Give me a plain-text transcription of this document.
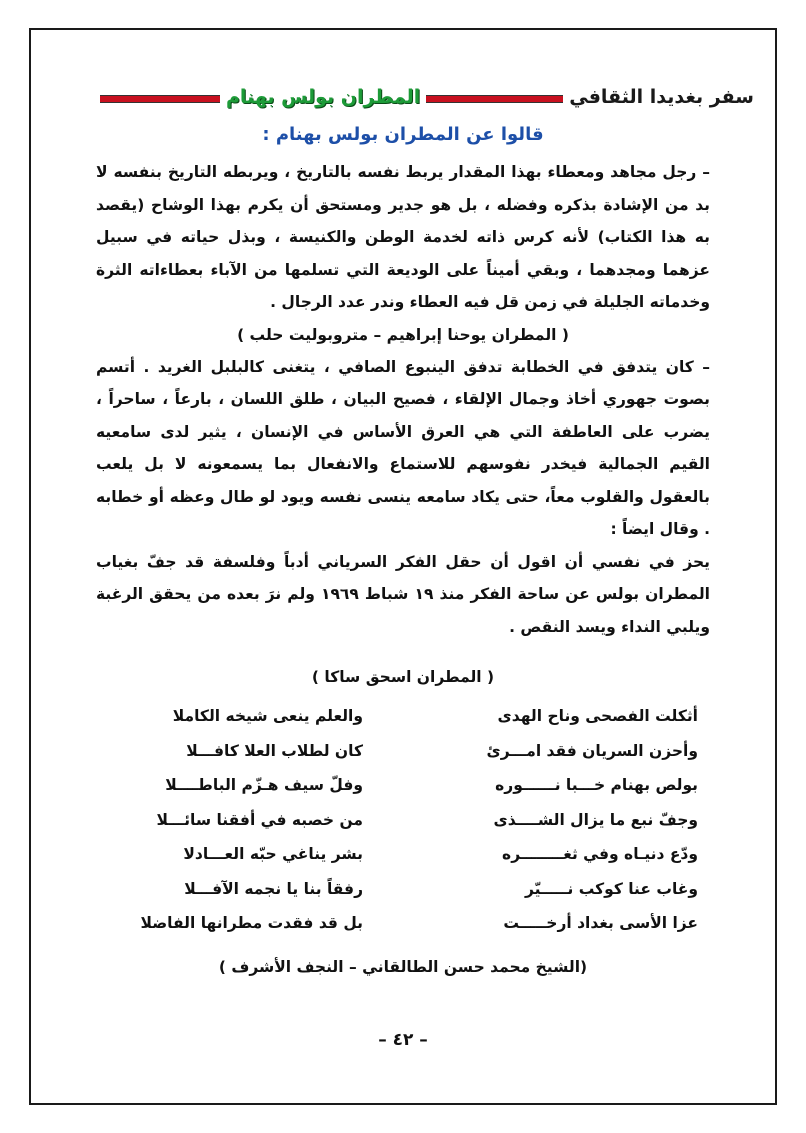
سفر بغديدا الثقافي
المطران بولس بهنام
قالوا عن المطران بولس بهنام :

– رجل مجاهد ومعطاء بهذا المقدار يربط نفسه بالتاريخ ، ويربطه التاريخ بنفسه لا بد من الإشادة بذكره وفضله ، بل هو جدير ومستحق أن يكرم بهذا الوشاح (يقصد به هذا الكتاب) لأنه كرس ذاته لخدمة الوطن والكنيسة ، وبذل حياته في سبيل عزهما ومجدهما ، وبقي أميناً على الوديعة التي تسلمها من الآباء بعطاءاته الثرة وخدماته الجليلة في زمن قل فيه العطاء وندر عدد الرجال .

( المطران يوحنا إبراهيم – متروبوليت حلب )

– كان يتدفق في الخطابة تدفق الينبوع الصافي ، يتغنى كالبلبل الغريد . أتسم بصوت جهوري أخاذ وجمال الإلقاء ، فصيح البيان ، طلق اللسان ، بارعاً ، ساحراً ، يضرب على العاطفة التي هي العرق الأساس في الإنسان ، يثير لدى سامعيه القيم الجمالية فيخدر نفوسهم للاستماع والانفعال بما يسمعونه لا بل يلعب بالعقول والقلوب معاً، حتى يكاد سامعه ينسى نفسه ويود لو طال وعظه أو خطابه . وقال ايضاً :

يحز في نفسي أن اقول أن حقل الفكر السرياني أدباً وفلسفة قد جفّ بغياب المطران بولس عن ساحة الفكر منذ ١٩ شباط ١٩٦٩ ولم نرَ بعده من يحقق الرغبة ويلبي النداء ويسد النقص .

( المطران اسحق ساكا )

أثكلت الفصحى وناح الهدى
والعلم ينعى شيخه الكاملا
وأحزن السريان فقد امـــرئ
كان لطلاب العلا كافـــلا
بولص بهنام خـــبا نــــــوره
وفلّ سيف هـزّم الباطــــلا
وجفّ نبع ما يزال الشــــذى
من خصبه في أفقنا سائـــلا
ودّع دنيـاه وفي ثغــــــــره
بشر يناغي حبّه العـــادلا
وغاب عنا كوكب نـــــيّر
رفقاً بنا يا نجمه الآفـــلا
عزا الأسى بغداد أرخـــــت
بل قد فقدت مطرانها الفاضلا
(الشيخ محمد حسن الطالقاني – النجف الأشرف )
– ٤٢ –
